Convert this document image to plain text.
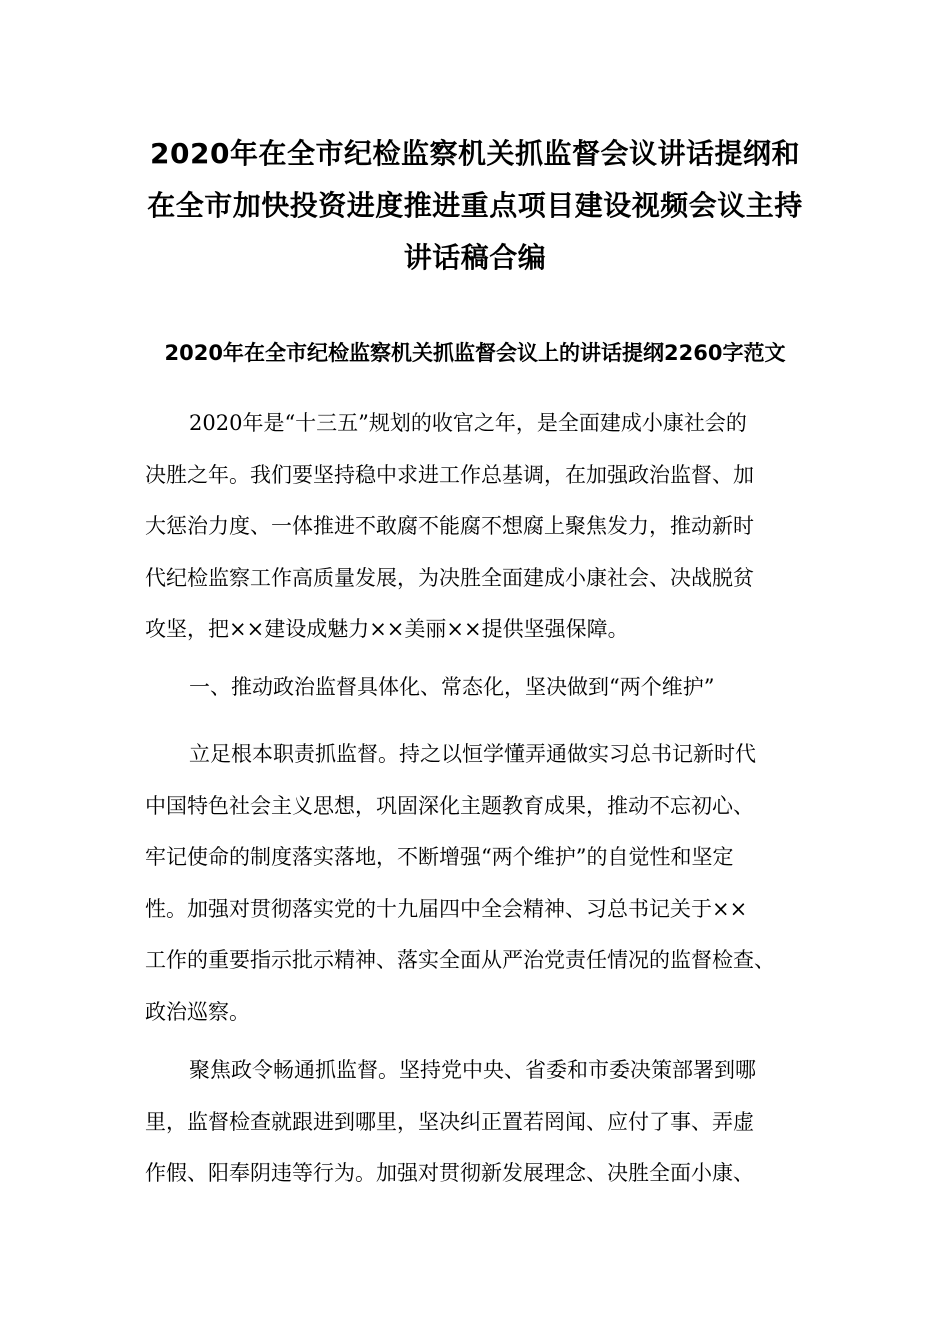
2020年在全市纪检监察机关抓监督会议讲话提纲和
在全市加快投资进度推进重点项目建设视频会议主持
讲话稿合编
2020年在全市纪检监察机关抓监督会议上的讲话提纲2260字范文
2020年是“十三五”规划的收官之年，是全面建成小康社会的
决胜之年。我们要坚持稳中求进工作总基调，在加强政治监督、加
大惩治力度、一体推进不敢腐不能腐不想腐上聚焦发力，推动新时
代纪检监察工作高质量发展，为决胜全面建成小康社会、决战脱贫
攻坚，把××建设成魅力××美丽××提供坚强保障。
一、推动政治监督具体化、常态化，坚决做到“两个维护”
立足根本职责抓监督。持之以恒学懂弄通做实习总书记新时代
中国特色社会主义思想，巩固深化主题教育成果，推动不忘初心、
牢记使命的制度落实落地，不断增强“两个维护”的自觉性和坚定
性。加强对贯彻落实党的十九届四中全会精神、习总书记关于××
工作的重要指示批示精神、落实全面从严治党责任情况的监督检查、
政治巡察。
聚焦政令畅通抓监督。坚持党中央、省委和市委决策部署到哪
里，监督检查就跟进到哪里，坚决纠正置若罔闻、应付了事、弄虚
作假、阳奉阴违等行为。加强对贯彻新发展理念、决胜全面小康、
